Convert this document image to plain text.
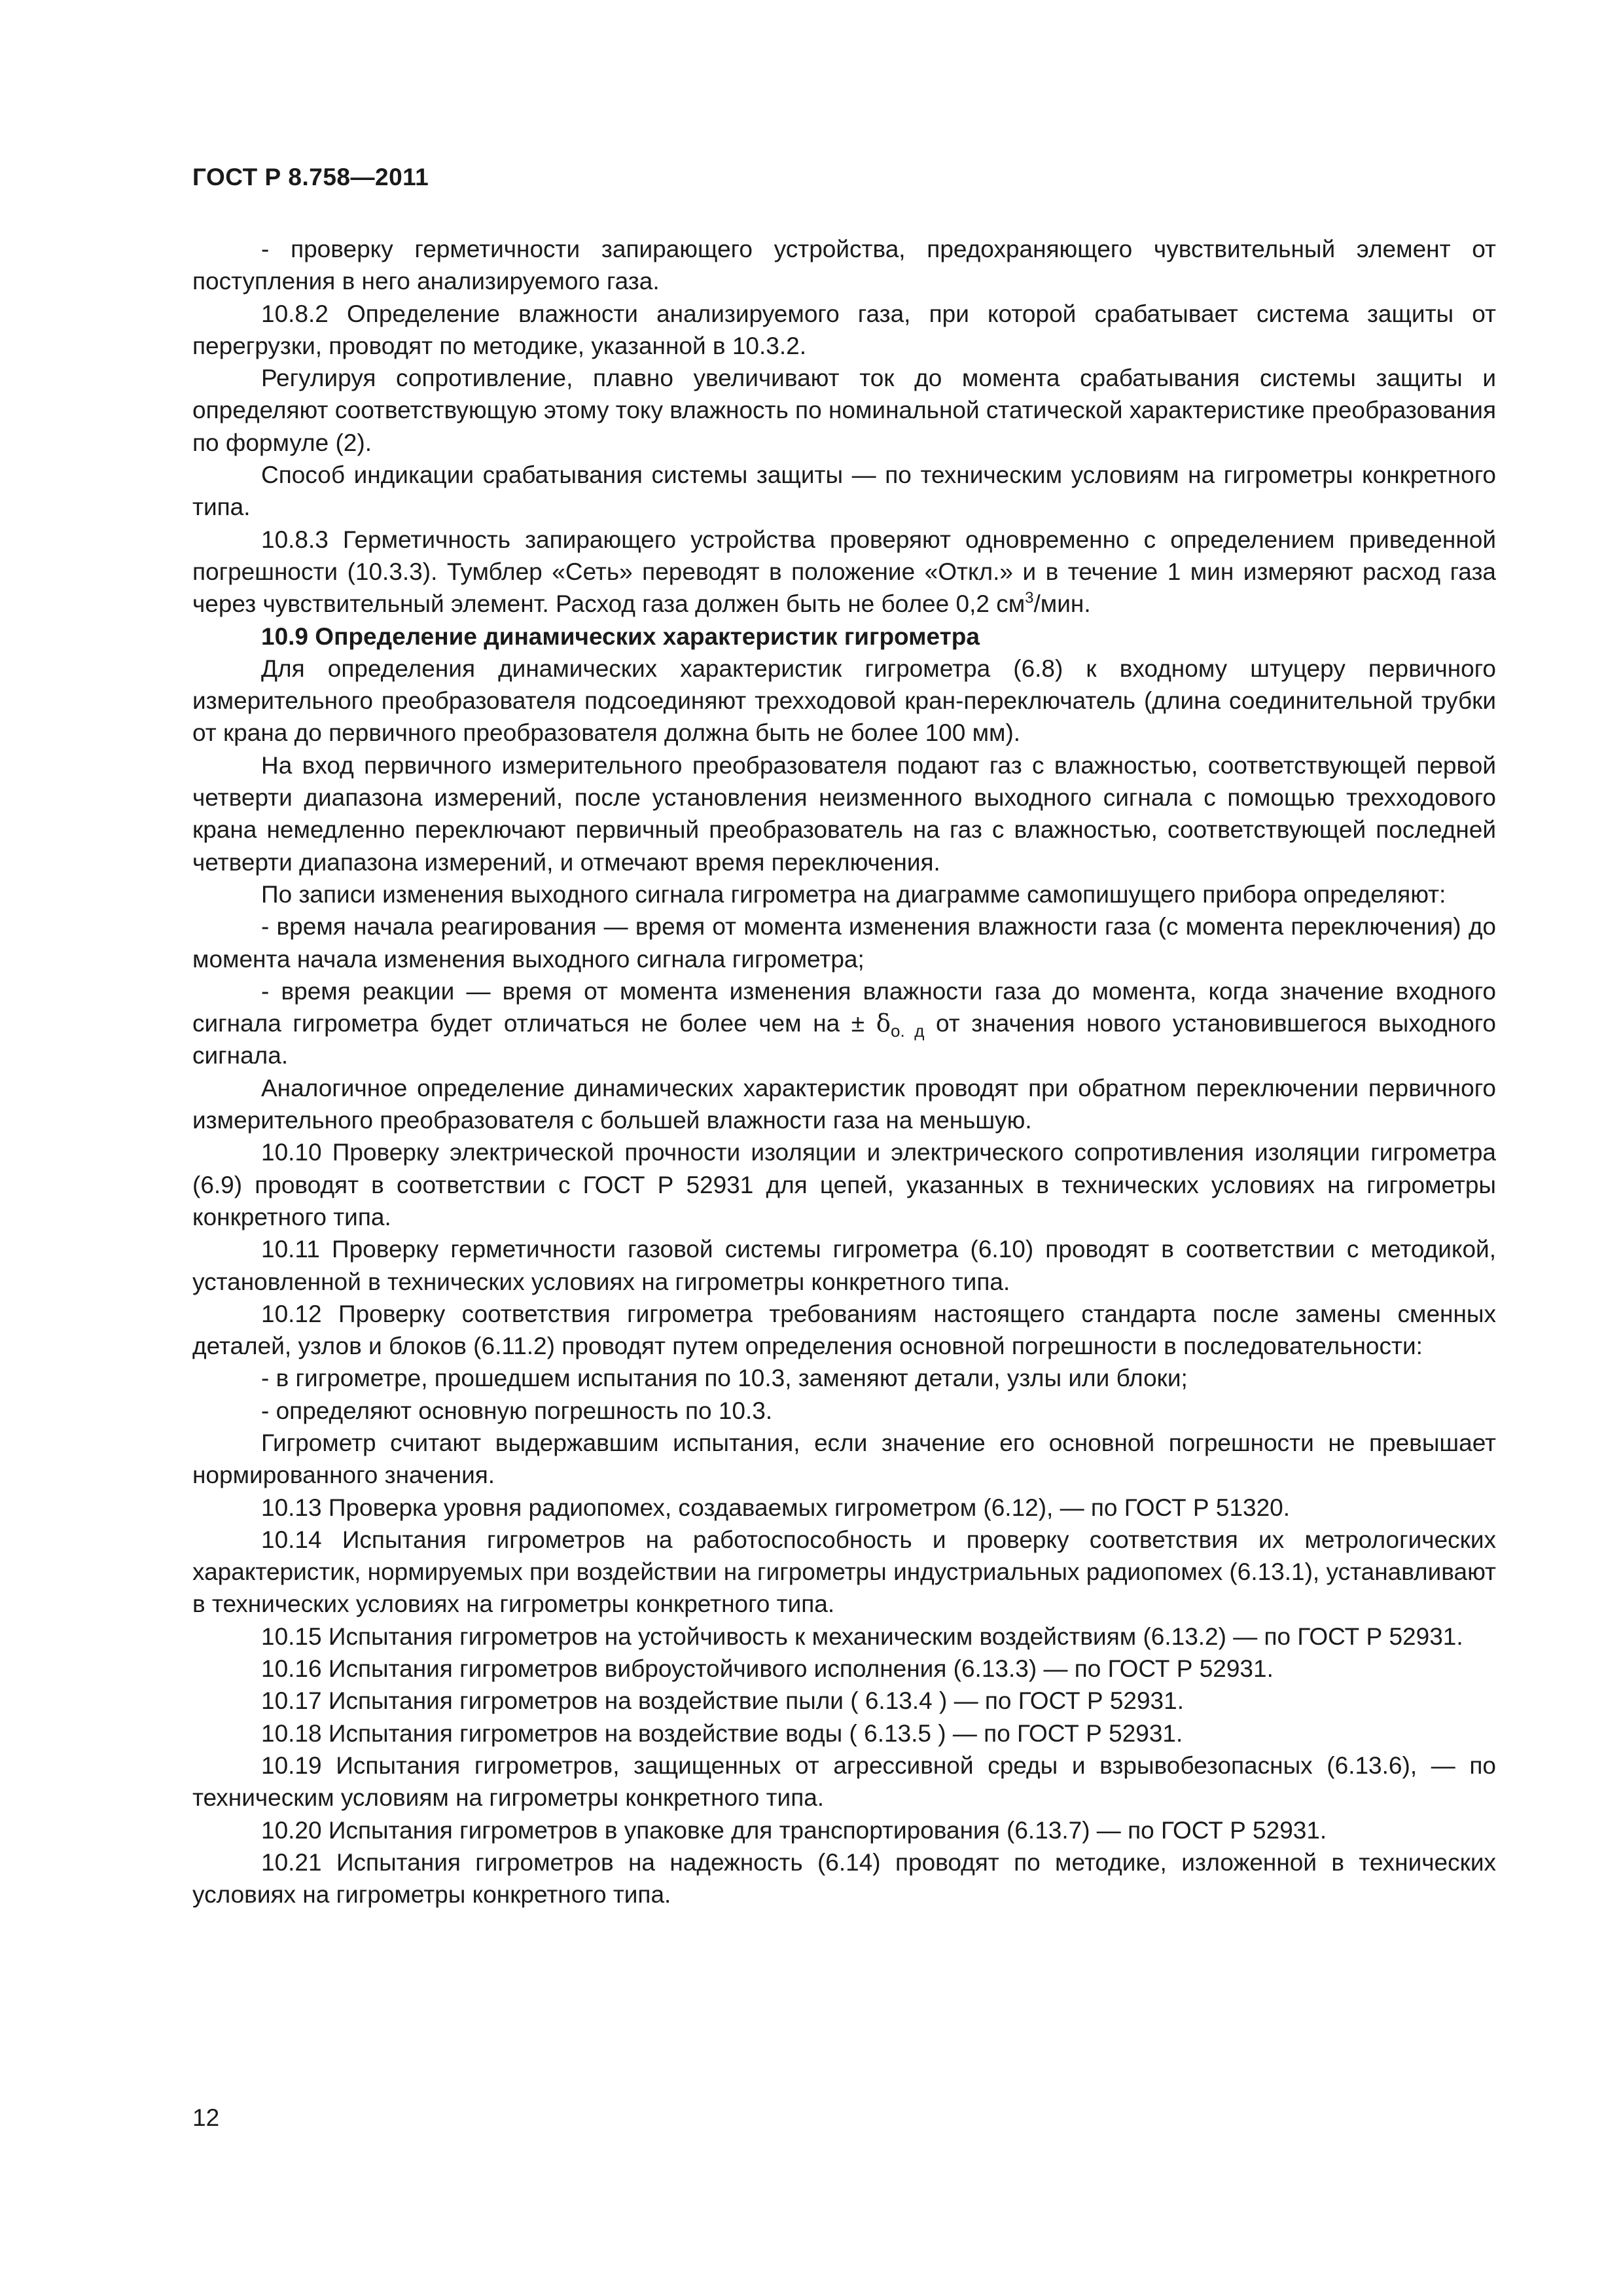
ГОСТ Р 8.758—2011

- проверку герметичности запирающего устройства, предохраняющего чувствительный элемент от поступления в него анализируемого газа.

10.8.2 Определение влажности анализируемого газа, при которой срабатывает система защиты от перегрузки, проводят по методике, указанной в 10.3.2.

Регулируя сопротивление, плавно увеличивают ток до момента срабатывания системы защиты и определяют соответствующую этому току влажность по номинальной статической характеристике преобразования по формуле (2).

Способ индикации срабатывания системы защиты — по техническим условиям на гигрометры конкретного типа.

10.8.3 Герметичность запирающего устройства проверяют одновременно с определением приведенной погрешности (10.3.3). Тумблер «Сеть» переводят в положение «Откл.» и в течение 1 мин измеряют расход газа через чувствительный элемент. Расход газа должен быть не более 0,2 $см^3$/мин.

10.9 Определение динамических характеристик гигрометра

Для определения динамических характеристик гигрометра (6.8) к входному штуцеру первичного измерительного преобразователя подсоединяют трехходовой кран-переключатель (длина соединительной трубки от крана до первичного преобразователя должна быть не более 100 мм).

На вход первичного измерительного преобразователя подают газ с влажностью, соответствующей первой четверти диапазона измерений, после установления неизменного выходного сигнала с помощью трехходового крана немедленно переключают первичный преобразователь на газ с влажностью, соответствующей последней четверти диапазона измерений, и отмечают время переключения.

По записи изменения выходного сигнала гигрометра на диаграмме самопишущего прибора определяют:

- время начала реагирования — время от момента изменения влажности газа (с момента переключения) до момента начала изменения выходного сигнала гигрометра;

- время реакции — время от момента изменения влажности газа до момента, когда значение входного сигнала гигрометра будет отличаться не более чем на ± $\delta_{о. д}$ от значения нового установившегося выходного сигнала.

Аналогичное определение динамических характеристик проводят при обратном переключении первичного измерительного преобразователя с большей влажности газа на меньшую.

10.10 Проверку электрической прочности изоляции и электрического сопротивления изоляции гигрометра (6.9) проводят в соответствии с ГОСТ Р 52931 для цепей, указанных в технических условиях на гигрометры конкретного типа.

10.11 Проверку герметичности газовой системы гигрометра (6.10) проводят в соответствии с методикой, установленной в технических условиях на гигрометры конкретного типа.

10.12 Проверку соответствия гигрометра требованиям настоящего стандарта после замены сменных деталей, узлов и блоков (6.11.2) проводят путем определения основной погрешности в последовательности:

- в гигрометре, прошедшем испытания по 10.3, заменяют детали, узлы или блоки;

- определяют основную погрешность по 10.3.

Гигрометр считают выдержавшим испытания, если значение его основной погрешности не превышает нормированного значения.

10.13 Проверка уровня радиопомех, создаваемых гигрометром (6.12), — по ГОСТ Р 51320.

10.14 Испытания гигрометров на работоспособность и проверку соответствия их метрологических характеристик, нормируемых при воздействии на гигрометры индустриальных радиопомех (6.13.1), устанавливают в технических условиях на гигрометры конкретного типа.

10.15 Испытания гигрометров на устойчивость к механическим воздействиям (6.13.2) — по ГОСТ Р 52931.

10.16 Испытания гигрометров виброустойчивого исполнения (6.13.3) — по ГОСТ Р 52931.

10.17 Испытания гигрометров на воздействие пыли ( 6.13.4 ) — по ГОСТ Р 52931.

10.18 Испытания гигрометров на воздействие воды ( 6.13.5 ) — по ГОСТ Р 52931.

10.19 Испытания гигрометров, защищенных от агрессивной среды и взрывобезопасных (6.13.6), — по техническим условиям на гигрометры конкретного типа.

10.20 Испытания гигрометров в упаковке для транспортирования (6.13.7) — по ГОСТ Р 52931.

10.21 Испытания гигрометров на надежность (6.14) проводят по методике, изложенной в технических условиях на гигрометры конкретного типа.

12
